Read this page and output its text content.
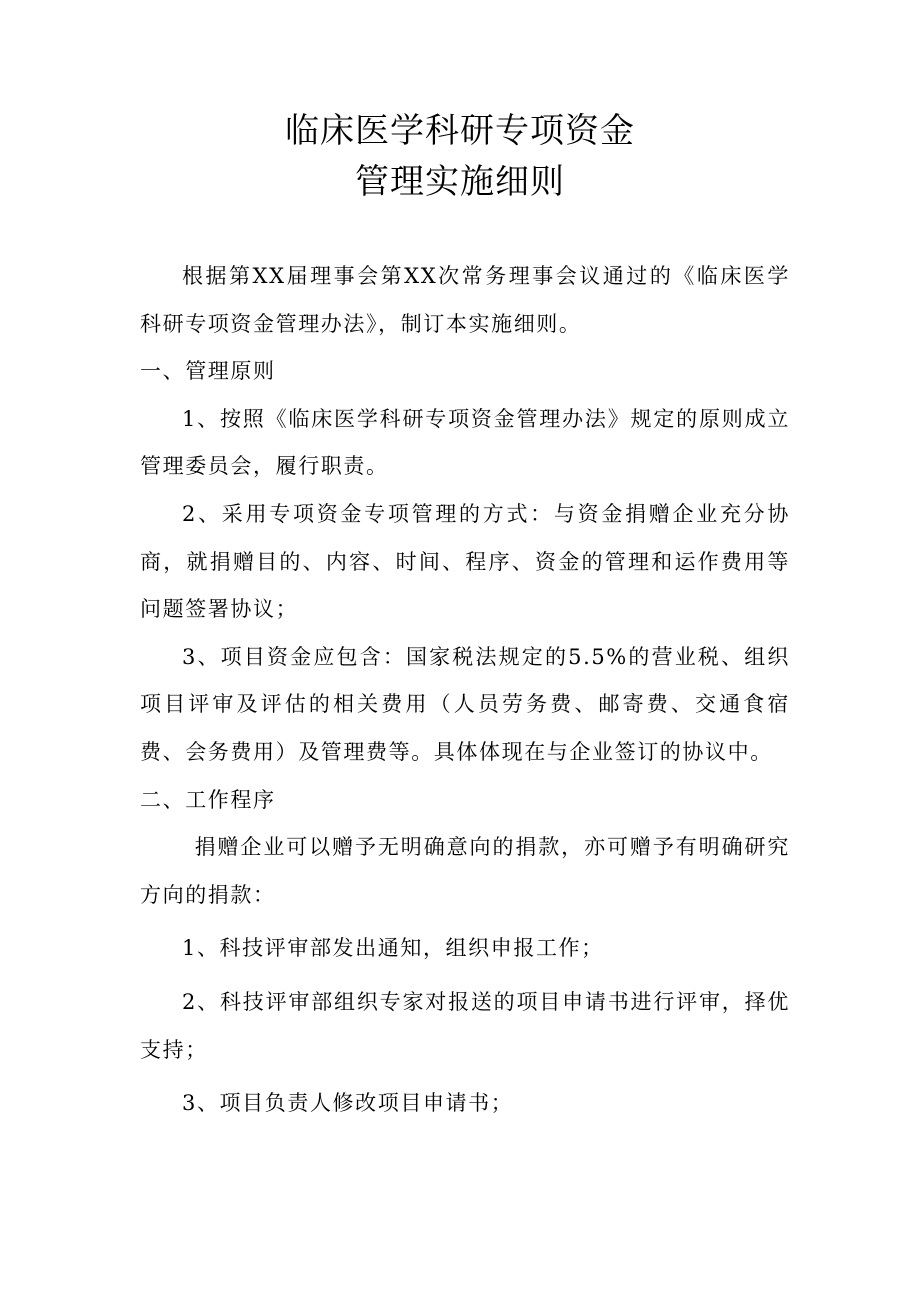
临床医学科研专项资金
管理实施细则

根据第XX届理事会第XX次常务理事会议通过的《临床医学科研专项资金管理办法》，制订本实施细则。

一、管理原则

1、按照《临床医学科研专项资金管理办法》规定的原则成立管理委员会，履行职责。

2、采用专项资金专项管理的方式：与资金捐赠企业充分协商，就捐赠目的、内容、时间、程序、资金的管理和运作费用等问题签署协议；

3、项目资金应包含：国家税法规定的5.5%的营业税、组织项目评审及评估的相关费用（人员劳务费、邮寄费、交通食宿费、会务费用）及管理费等。具体体现在与企业签订的协议中。

二、工作程序

捐赠企业可以赠予无明确意向的捐款，亦可赠予有明确研究方向的捐款：

1、科技评审部发出通知，组织申报工作；

2、科技评审部组织专家对报送的项目申请书进行评审，择优支持；

3、项目负责人修改项目申请书；
